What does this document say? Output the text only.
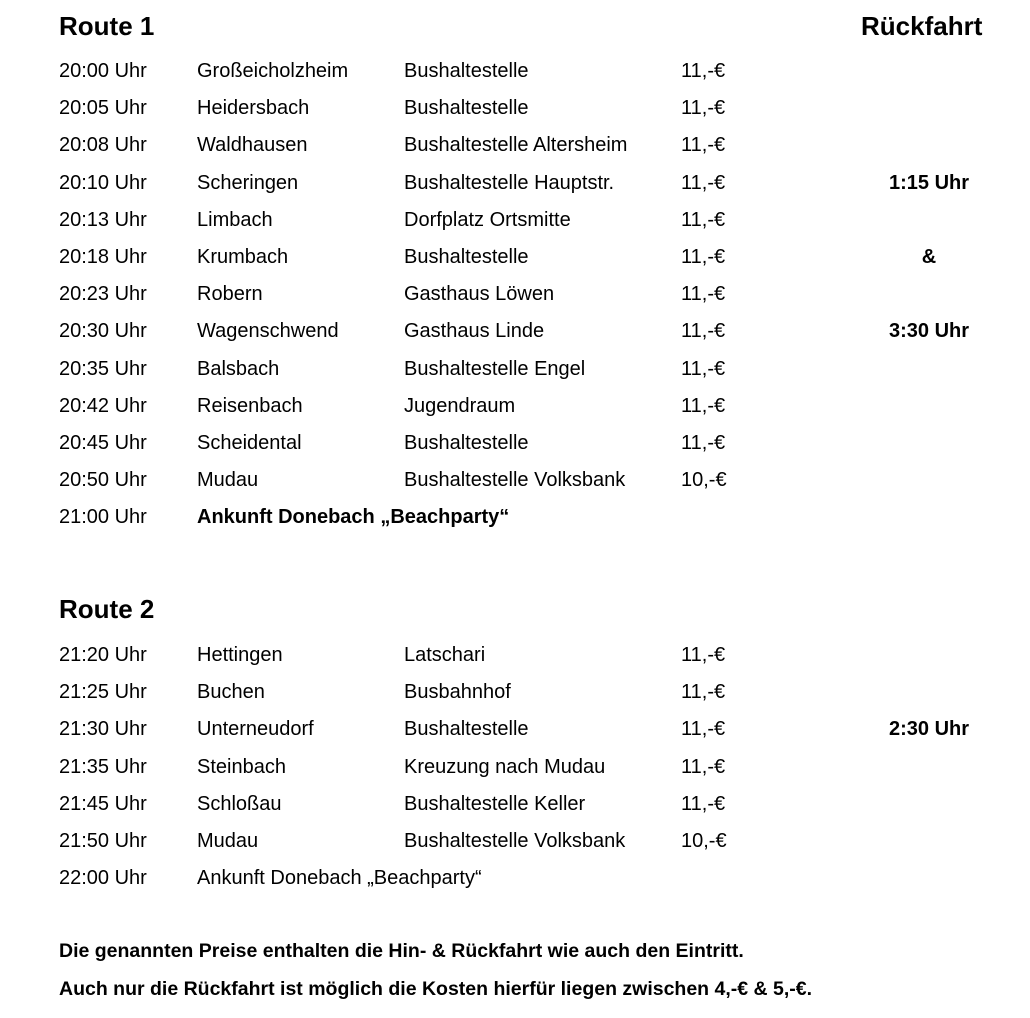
Route 1	Rückfahrt
20:00 Uhr	Großeicholzheim	Bushaltestelle	11,-€
20:05 Uhr	Heidersbach	Bushaltestelle	11,-€
20:08 Uhr	Waldhausen	Bushaltestelle Altersheim	11,-€
20:10 Uhr	Scheringen	Bushaltestelle Hauptstr.	11,-€	1:15 Uhr
20:13 Uhr	Limbach	Dorfplatz Ortsmitte	11,-€
20:18 Uhr	Krumbach	Bushaltestelle	11,-€	&
20:23 Uhr	Robern	Gasthaus Löwen	11,-€
20:30 Uhr	Wagenschwend	Gasthaus Linde	11,-€	3:30 Uhr
20:35 Uhr	Balsbach	Bushaltestelle Engel	11,-€
20:42 Uhr	Reisenbach	Jugendraum	11,-€
20:45 Uhr	Scheidental	Bushaltestelle	11,-€
20:50 Uhr	Mudau	Bushaltestelle Volksbank	10,-€
21:00 Uhr	Ankunft Donebach „Beachparty“
Route 2
21:20 Uhr	Hettingen	Latschari	11,-€
21:25 Uhr	Buchen	Busbahnhof	11,-€
21:30 Uhr	Unterneudorf	Bushaltestelle	11,-€	2:30 Uhr
21:35 Uhr	Steinbach	Kreuzung nach Mudau	11,-€
21:45 Uhr	Schloßau	Bushaltestelle Keller	11,-€
21:50 Uhr	Mudau	Bushaltestelle Volksbank	10,-€
22:00 Uhr	Ankunft Donebach „Beachparty“

Die genannten Preise enthalten die Hin- & Rückfahrt wie auch den Eintritt.

Auch nur die Rückfahrt ist möglich die Kosten hierfür liegen zwischen 4,-€ & 5,-€.
